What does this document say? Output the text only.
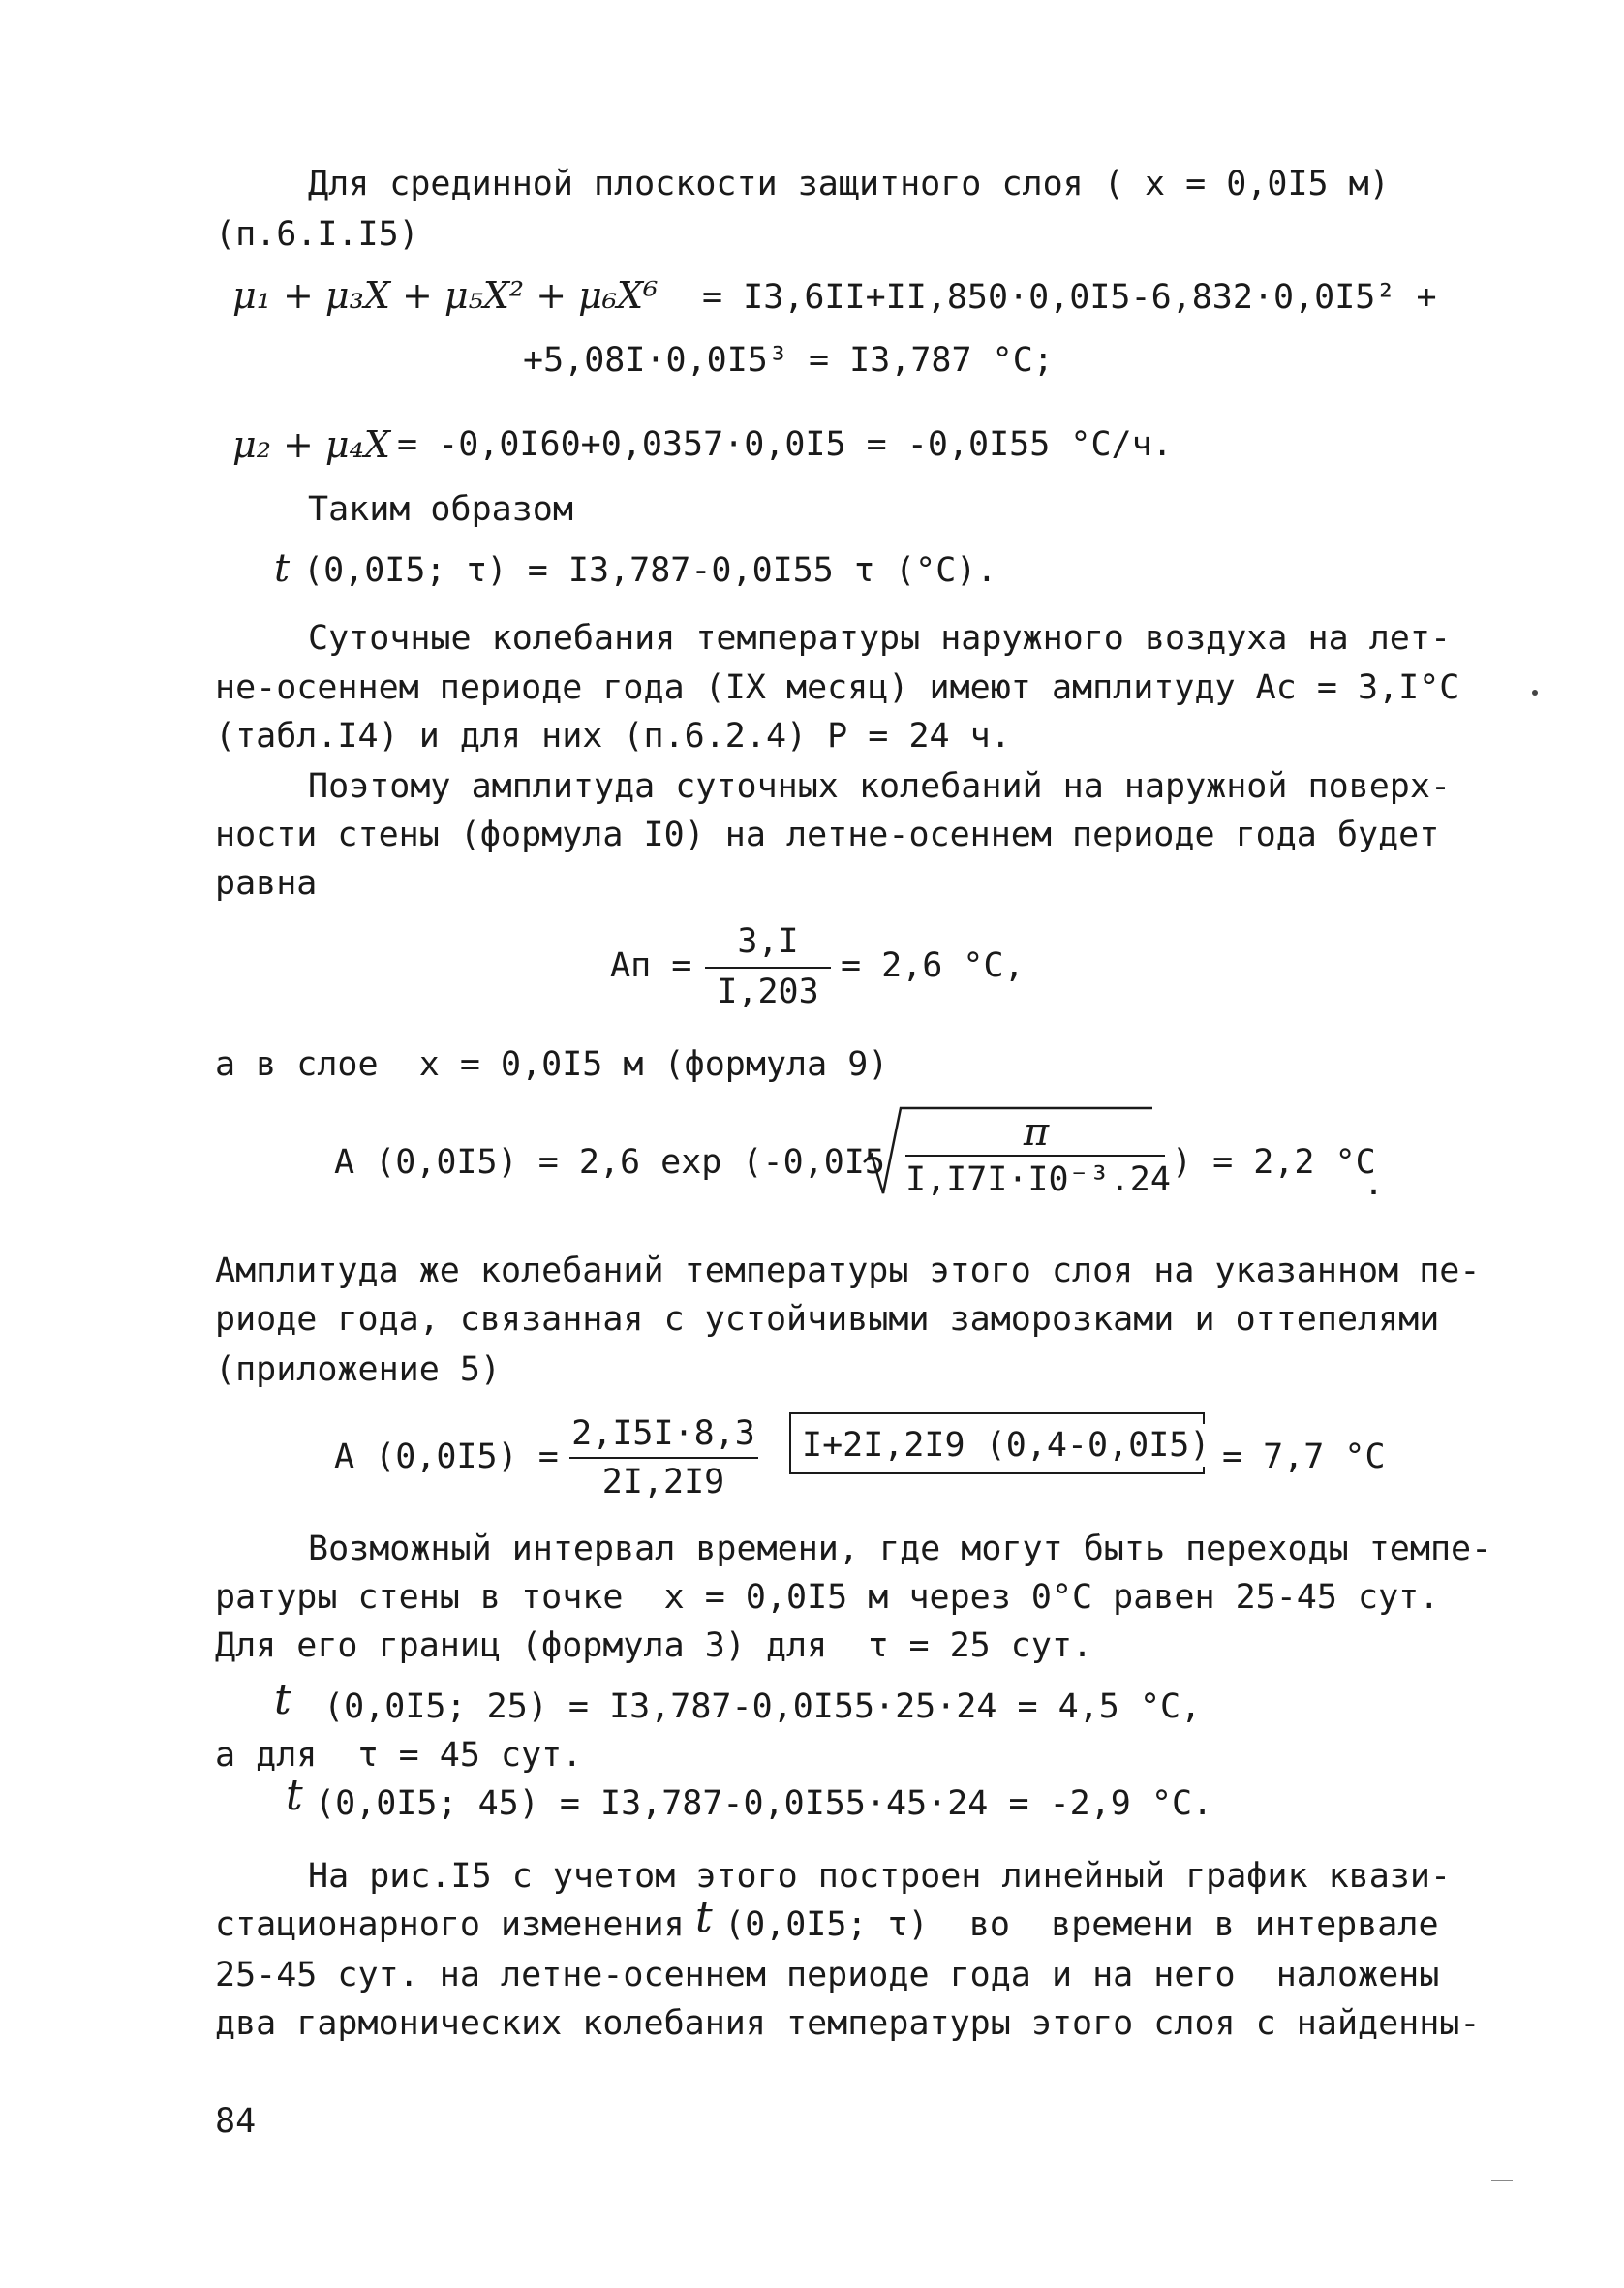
Для срединной плоскости защитного слоя ( x = 0,0I5 м)
(п.6.I.I5)
μ₁ + μ₃X + μ₅X² + μ₆X⁶ = I3,6II+II,850·0,0I5-6,832·0,0I5² +
+5,08I·0,0I5³ = I3,787 °C;
μ₂ + μ₄X = -0,0I60+0,0357·0,0I5 = -0,0I55 °C/ч.
Таким образом
t (0,0I5; τ) = I3,787-0,0I55 τ (°C).
Суточные колебания температуры наружного воздуха на лет-
не-осеннем периоде года (IX месяц) имеют амплитуду Aс = 3,I°C
(табл.I4) и для них (п.6.2.4) P = 24 ч.
Поэтому амплитуда суточных колебаний на наружной поверх-
ности стены (формула I0) на летне-осеннем периоде года будет
равна
Aп =
3,I
I,203
= 2,6 °C,
а в слое  x = 0,0I5 м (формула 9)
A (0,0I5) = 2,6 exp (-0,0I5
π
I,I7I·I0⁻³.24 ) = 2,2 °C
.
Амплитуда же колебаний температуры этого слоя на указанном пе-
риоде года, связанная с устойчивыми заморозками и оттепелями
(приложение 5)
A (0,0I5) =
2,I5I·8,3
2I,2I9
I+2I,2I9 (0,4-0,0I5) = 7,7 °C
Возможный интервал времени, где могут быть переходы темпе-
ратуры стены в точке  x = 0,0I5 м через 0°C равен 25-45 сут.
Для его границ (формула 3) для  τ = 25 сут.
t (0,0I5; 25) = I3,787-0,0I55·25·24 = 4,5 °C,
а для  τ = 45 сут.
t (0,0I5; 45) = I3,787-0,0I55·45·24 = -2,9 °C.
На рис.I5 с учетом этого построен линейный график квази-
стационарного изменения t (0,0I5; τ)  во  времени в интервале
25-45 сут. на летне-осеннем периоде года и на него  наложены
два гармонических колебания температуры этого слоя с найденны-
84
